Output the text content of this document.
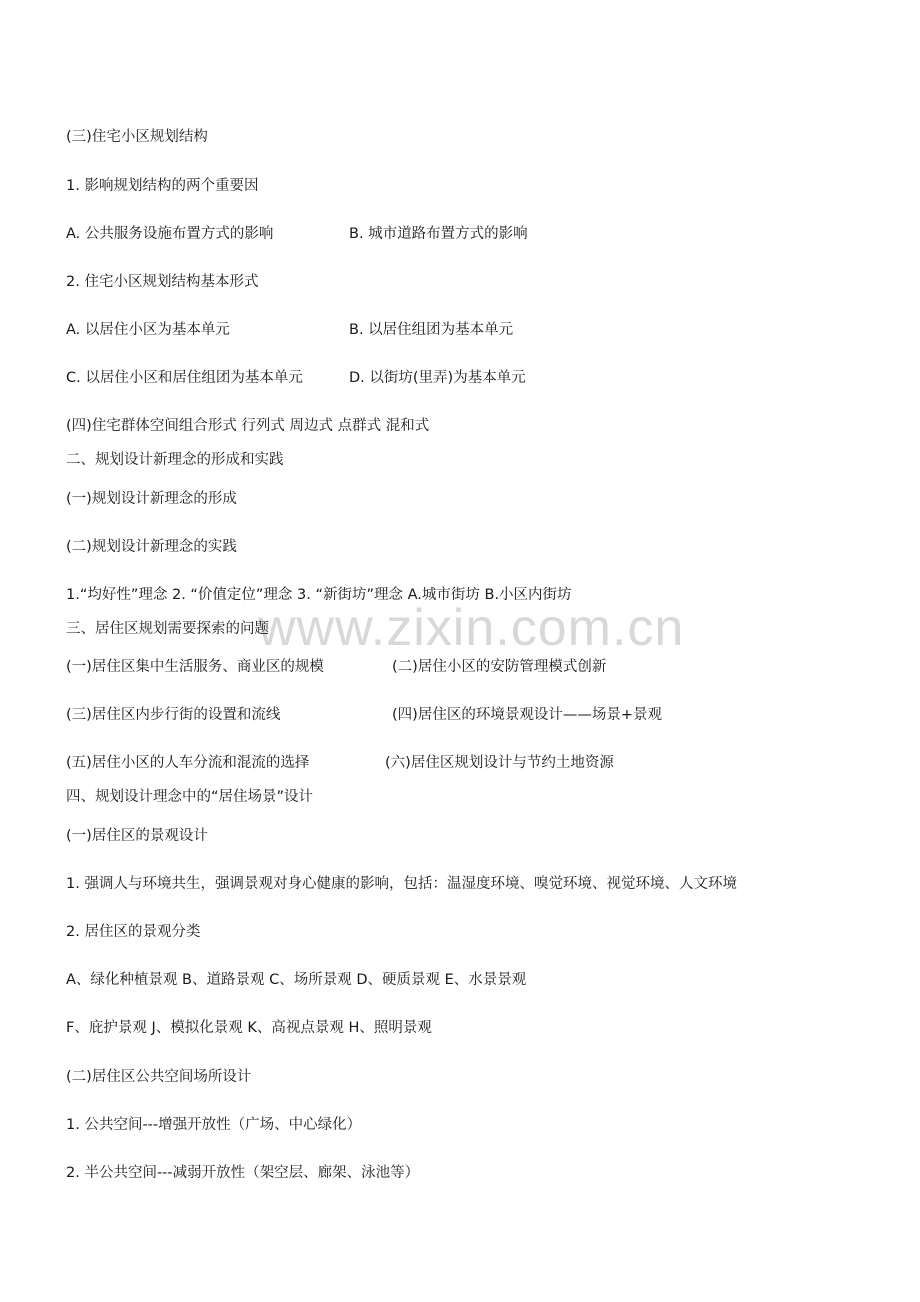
www.zixin.com.cn
(三)住宅小区规划结构
1. 影响规划结构的两个重要因
A. 公共服务设施布置方式的影响	B. 城市道路布置方式的影响
2. 住宅小区规划结构基本形式
A. 以居住小区为基本单元	B. 以居住组团为基本单元
C. 以居住小区和居住组团为基本单元	D. 以街坊(里弄)为基本单元
(四)住宅群体空间组合形式 行列式 周边式 点群式 混和式
二、规划设计新理念的形成和实践
(一)规划设计新理念的形成
(二)规划设计新理念的实践
1.“均好性”理念 2. “价值定位”理念 3. “新街坊”理念 A.城市街坊 B.小区内街坊
三、居住区规划需要探索的问题
(一)居住区集中生活服务、商业区的规模	(二)居住小区的安防管理模式创新
(三)居住区内步行街的设置和流线	(四)居住区的环境景观设计——场景+景观
(五)居住小区的人车分流和混流的选择	(六)居住区规划设计与节约土地资源
四、规划设计理念中的“居住场景”设计
(一)居住区的景观设计
1. 强调人与环境共生，强调景观对身心健康的影响，包括：温湿度环境、嗅觉环境、视觉环境、人文环境
2. 居住区的景观分类
A、绿化种植景观 B、道路景观 C、场所景观 D、硬质景观 E、水景景观
F、庇护景观 J、模拟化景观 K、高视点景观 H、照明景观
(二)居住区公共空间场所设计
1. 公共空间---增强开放性（广场、中心绿化）
2. 半公共空间---减弱开放性（架空层、廊架、泳池等）
